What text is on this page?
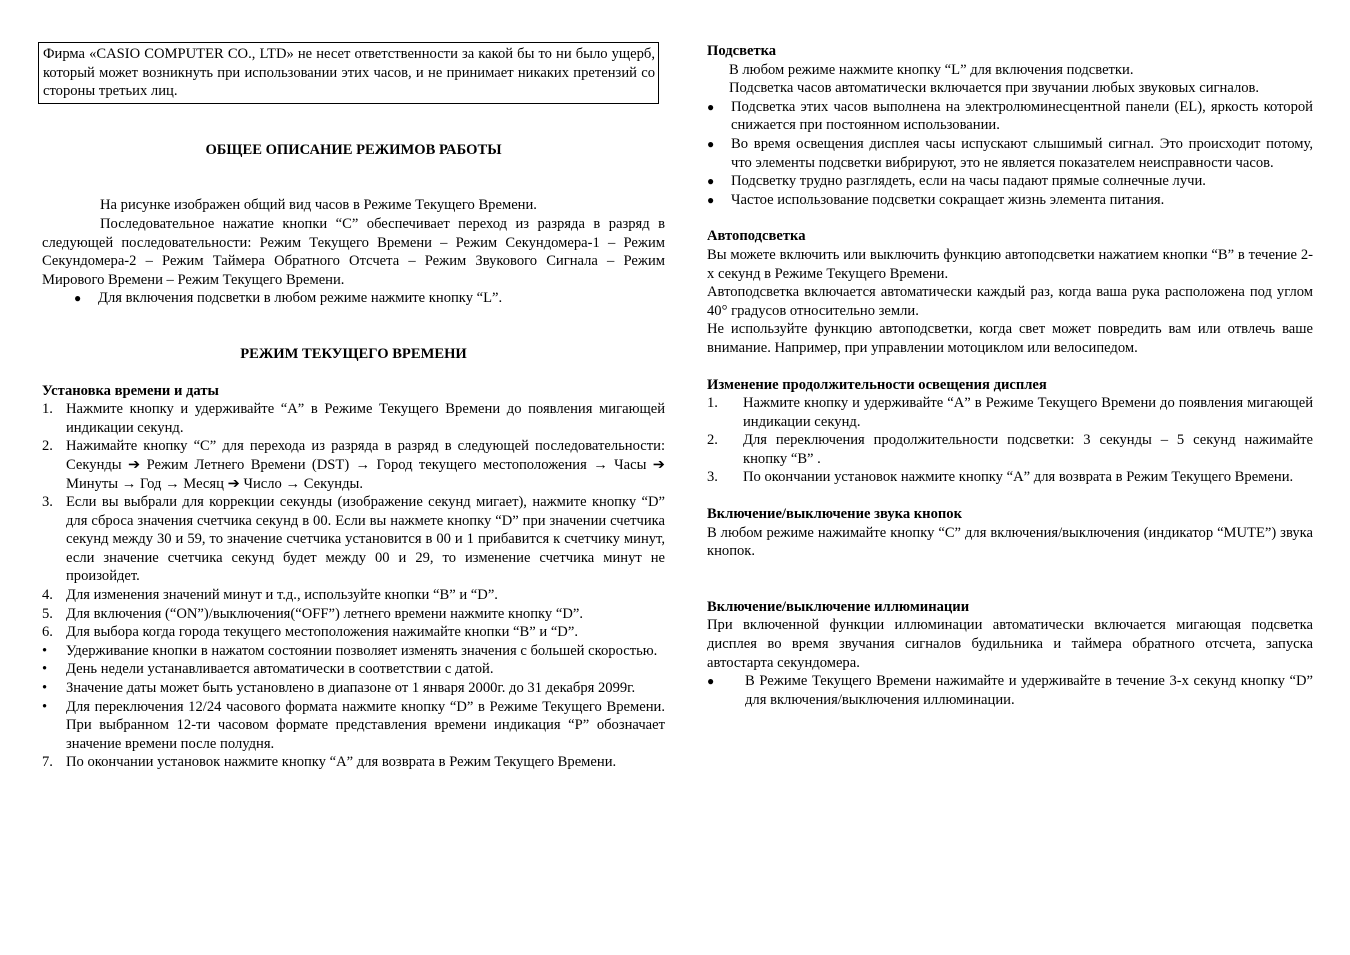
Фирма «CASIO COMPUTER CO., LTD» не несет ответственности за какой бы то ни было ущерб, который может возникнуть при использовании этих часов, и не принимает никаких претензий со стороны третьих лиц.
ОБЩЕЕ ОПИСАНИЕ РЕЖИМОВ РАБОТЫ

На рисунке изображен общий вид часов в Режиме Текущего Времени.

Последовательное нажатие кнопки “С” обеспечивает переход из разряда в разряд в следующей последовательности: Режим Текущего Времени – Режим Секундомера-1 – Режим Секундомера-2 – Режим Таймера Обратного Отсчета – Режим Звукового Сигнала – Режим Мирового Времени – Режим Текущего Времени.

●	Для включения подсветки в любом режиме нажмите кнопку “L”.
РЕЖИМ ТЕКУЩЕГО ВРЕМЕНИ
Установка времени и даты
1. Нажмите кнопку и удерживайте “А” в Режиме Текущего Времени до появления мигающей индикации секунд.
2. Нажимайте кнопку “С” для перехода из разряда в разряд в следующей последовательности: Секунды ➔ Режим Летнего Времени (DST) → Город текущего местоположения → Часы ➔ Минуты → Год → Месяц ➔ Число → Секунды.
3. Если вы выбрали для коррекции секунды (изображение секунд мигает), нажмите кнопку “D” для сброса значения счетчика секунд в 00. Если вы нажмете кнопку “D” при значении счетчика секунд между 30 и 59, то значение счетчика установится в 00 и 1 прибавится к счетчику минут, если значение счетчика секунд будет между 00 и 29, то изменение счетчика минут не произойдет.
4. Для изменения значений минут и т.д., используйте кнопки “В” и “D”.
5. Для включения (“ON”)/выключения(“OFF”) летнего времени нажмите кнопку “D”.
6. Для выбора когда города текущего местоположения нажимайте кнопки “В” и “D”.
•	Удерживание кнопки в нажатом состоянии позволяет изменять значения с большей скоростью.
•	День недели устанавливается автоматически в соответствии с датой.
•	Значение даты может быть установлено в диапазоне от 1 января 2000г. до 31 декабря 2099г.
•	Для переключения 12/24 часового формата нажмите кнопку “D” в Режиме Текущего Времени. При выбранном 12-ти часовом формате представления времени индикация “Р” обозначает значение времени после полудня.
7. По окончании установок нажмите кнопку “А” для возврата в Режим Текущего Времени.
Подсветка

В любом режиме нажмите кнопку “L” для включения подсветки.

Подсветка часов автоматически включается при звучании любых звуковых сигналов.

●	Подсветка этих часов выполнена на электролюминесцентной панели (EL), яркость которой снижается при постоянном использовании.
●	Во время освещения дисплея часы испускают слышимый сигнал. Это происходит потому, что элементы подсветки вибрируют, это не является показателем неисправности часов.
●	Подсветку трудно разглядеть, если на часы падают прямые солнечные лучи.
●	Частое использование подсветки сокращает жизнь элемента питания.
Автоподсветка

Вы можете включить или выключить функцию автоподсветки нажатием кнопки “В” в течение 2-х секунд в Режиме Текущего Времени.

Автоподсветка включается автоматически каждый раз, когда ваша рука расположена под углом 40° градусов относительно земли.

Не используйте функцию автоподсветки, когда свет может повредить вам или отвлечь ваше внимание. Например, при управлении мотоциклом или велосипедом.

Изменение продолжительности освещения дисплея
1.	Нажмите кнопку и удерживайте “А” в Режиме Текущего Времени до появления мигающей индикации секунд.
2.	Для переключения продолжительности подсветки: 3 секунды – 5 секунд нажимайте кнопку “В” .
3.	По окончании установок нажмите кнопку “А” для возврата в Режим Текущего Времени.
Включение/выключение звука кнопок

В любом режиме нажимайте кнопку “С” для включения/выключения (индикатор “MUTE”) звука кнопок.

Включение/выключение иллюминации

При включенной функции иллюминации автоматически включается мигающая подсветка дисплея во время звучания сигналов будильника и таймера обратного отсчета, запуска автостарта секундомера.

●	В Режиме Текущего Времени нажимайте и удерживайте в течение 3-х секунд кнопку “D” для включения/выключения иллюминации.
